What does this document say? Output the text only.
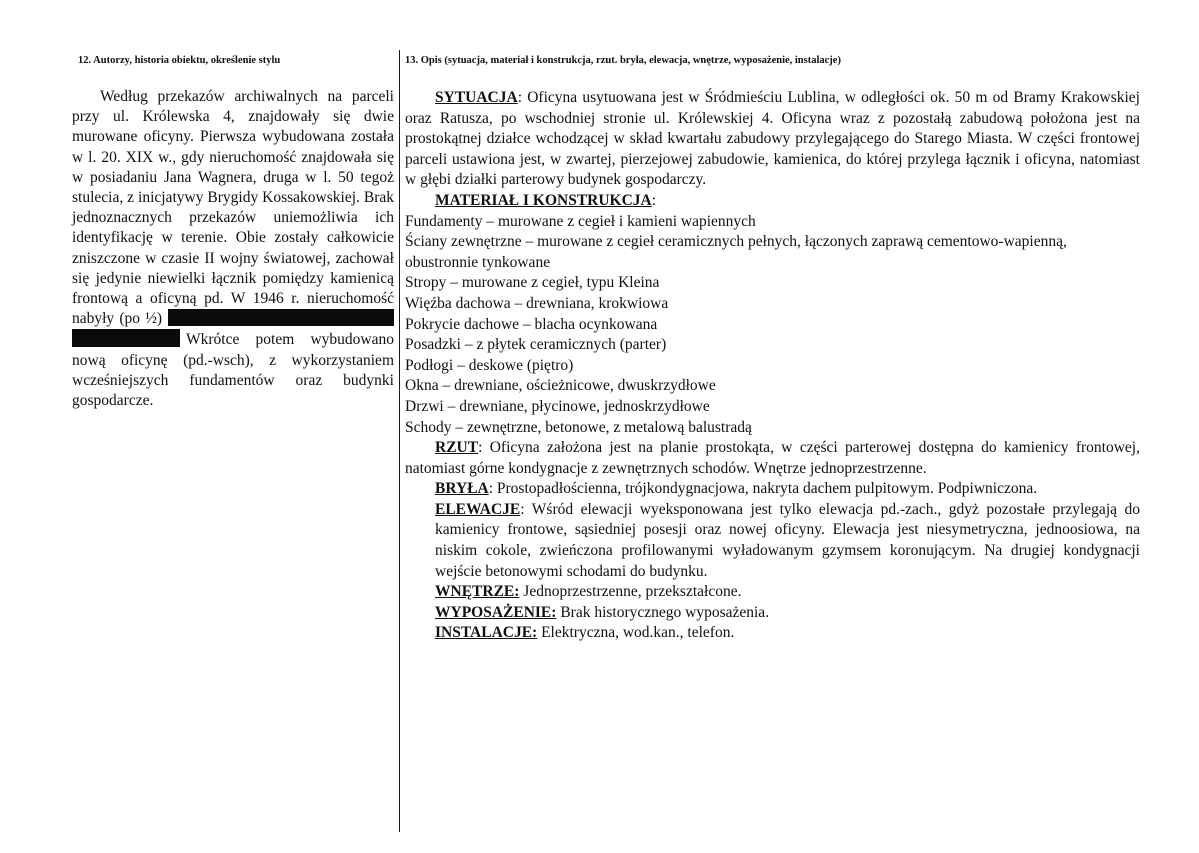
12. Autorzy, historia obiektu, określenie stylu

Według przekazów archiwalnych na parceli przy ul. Królewska 4, znajdowały się dwie murowane oficyny. Pierwsza wybudowana została w l. 20. XIX w., gdy nieruchomość znajdowała się w posiadaniu Jana Wagnera, druga w l. 50 tegoż stulecia, z inicjatywy Brygidy Kossakowskiej. Brak jednoznacznych przekazów uniemożliwia ich identyfikację w terenie. Obie zostały całkowicie zniszczone w czasie II wojny światowej, zachował się jedynie niewielki łącznik pomiędzy kamienicą frontową a oficyną pd. W 1946 r. nieruchomość nabyły (po ½) Wkrótce potem wybudowano nową oficynę (pd.-wsch), z wykorzystaniem wcześniejszych fundamentów oraz budynki gospodarcze.

13. Opis (sytuacja, materiał i konstrukcja, rzut. bryła, elewacja, wnętrze, wyposażenie, instalacje)

SYTUACJA: Oficyna usytuowana jest w Śródmieściu Lublina, w odległości ok. 50 m od Bramy Krakowskiej oraz Ratusza, po wschodniej stronie ul. Królewskiej 4. Oficyna wraz z pozostałą zabudową położona jest na prostokątnej działce wchodzącej w skład kwartału zabudowy przylegającego do Starego Miasta. W części frontowej parceli ustawiona jest, w zwartej, pierzejowej zabudowie, kamienica, do której przylega łącznik i oficyna, natomiast w głębi działki parterowy budynek gospodarczy.

MATERIAŁ I KONSTRUKCJA:

Fundamenty – murowane z cegieł i kamieni wapiennych

Ściany zewnętrzne – murowane z cegieł ceramicznych pełnych, łączonych zaprawą cementowo-wapienną, obustronnie tynkowane

Stropy – murowane z cegieł, typu Kleina

Więźba dachowa – drewniana, krokwiowa

Pokrycie dachowe – blacha ocynkowana

Posadzki – z płytek ceramicznych (parter)

Podłogi – deskowe (piętro)

Okna – drewniane, ościeżnicowe, dwuskrzydłowe

Drzwi – drewniane, płycinowe, jednoskrzydłowe

Schody – zewnętrzne, betonowe, z metalową balustradą

RZUT: Oficyna założona jest na planie prostokąta, w części parterowej dostępna do kamienicy frontowej, natomiast górne kondygnacje z zewnętrznych schodów. Wnętrze jednoprzestrzenne.

BRYŁA: Prostopadłościenna, trójkondygnacjowa, nakryta dachem pulpitowym. Podpiwniczona.

ELEWACJE: Wśród elewacji wyeksponowana jest tylko elewacja pd.-zach., gdyż pozostałe przylegają do kamienicy frontowe, sąsiedniej posesji oraz nowej oficyny. Elewacja jest niesymetryczna, jednoosiowa, na niskim cokole, zwieńczona profilowanymi wyładowanym gzymsem koronującym. Na drugiej kondygnacji wejście betonowymi schodami do budynku.

WNĘTRZE: Jednoprzestrzenne, przekształcone.

WYPOSAŻENIE: Brak historycznego wyposażenia.

INSTALACJE: Elektryczna, wod.kan., telefon.
